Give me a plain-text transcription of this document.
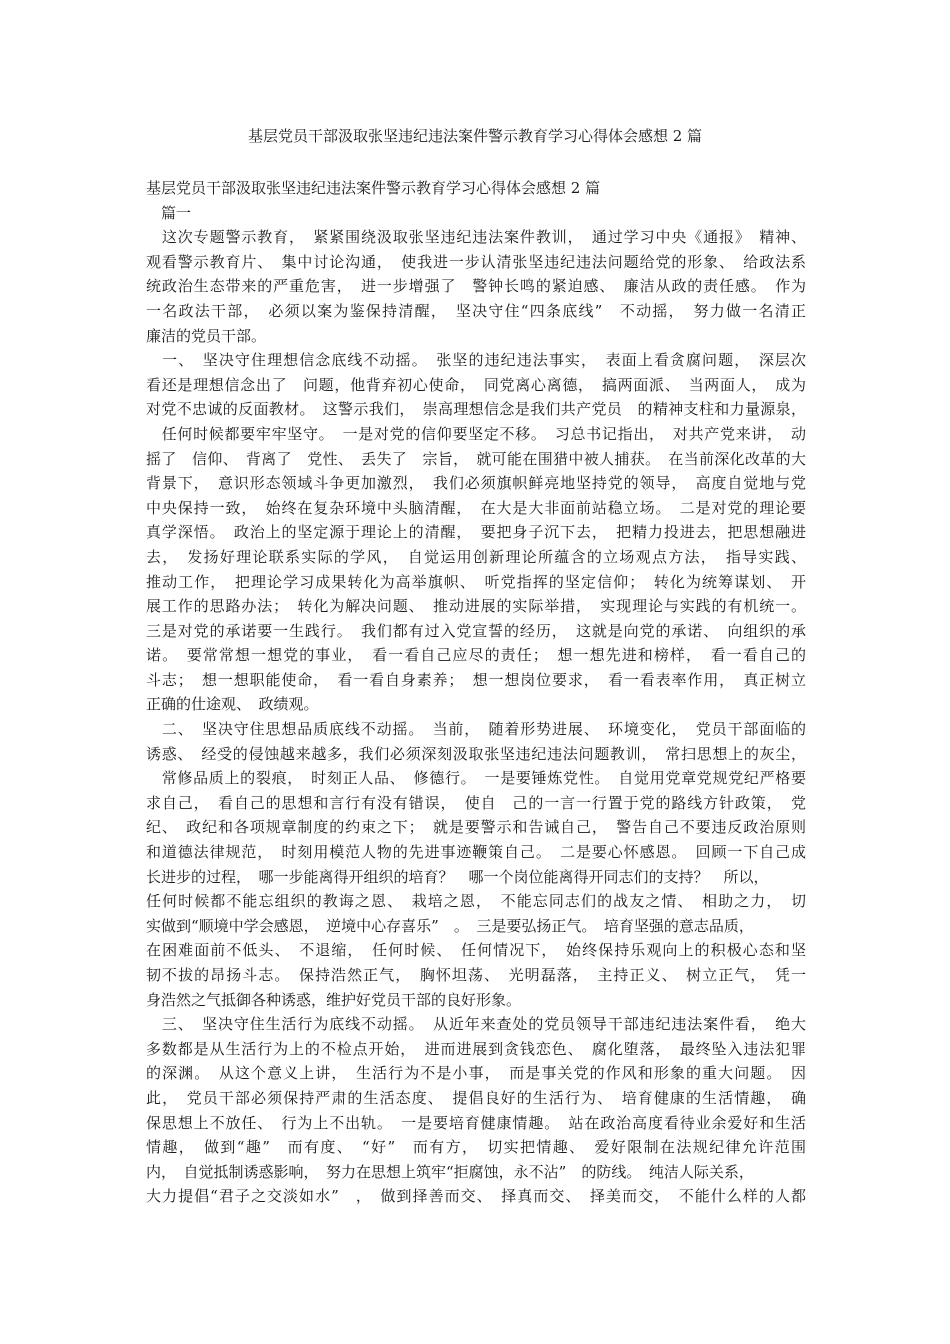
基层党员干部汲取张坚违纪违法案件警示教育学习心得体会感想 2 篇
基层党员干部汲取张坚违纪违法案件警示教育学习心得体会感想 2 篇
　篇一
　这次专题警示教育，　紧紧围绕汲取张坚违纪违法案件教训，　通过学习中央《通报》　精神、
观看警示教育片、　集中讨论沟通，　使我进一步认清张坚违纪违法问题给党的形象、　给政法系
统政治生态带来的严重危害，　进一步增强了　警钟长鸣的紧迫感、　廉洁从政的责任感。　作为
一名政法干部，　必须以案为鉴保持清醒，　坚决守住“四条底线”　不动摇，　努力做一名清正
廉洁的党员干部。
　一、　坚决守住理想信念底线不动摇。　张坚的违纪违法事实，　表面上看贪腐问题，　深层次
看还是理想信念出了　问题，他背弃初心使命，　同党离心离德，　搞两面派、　当两面人，　成为
对党不忠诚的反面教材。　这警示我们，　崇高理想信念是我们共产党员　的精神支柱和力量源泉，
　任何时候都要牢牢坚守。　一是对党的信仰要坚定不移。　习总书记指出，　对共产党来讲，　动
摇了　信仰、　背离了　党性、　丢失了　宗旨，　就可能在围猎中被人捕获。　在当前深化改革的大
背景下，　意识形态领域斗争更加激烈，　我们必须旗帜鲜亮地坚持党的领导，　高度自觉地与党
中央保持一致，　始终在复杂环境中头脑清醒，　在大是大非面前站稳立场。　二是对党的理论要
真学深悟。　政治上的坚定源于理论上的清醒，　要把身子沉下去，　把精力投进去，把思想融进
去，　发扬好理论联系实际的学风，　自觉运用创新理论所蕴含的立场观点方法，　指导实践、
推动工作，　把理论学习成果转化为高举旗帜、　听党指挥的坚定信仰；　转化为统筹谋划、　开
展工作的思路办法；　转化为解决问题、　推动进展的实际举措，　实现理论与实践的有机统一。
三是对党的承诺要一生践行。　我们都有过入党宣誓的经历，　这就是向党的承诺、　向组织的承
诺。　要常常想一想党的事业，　看一看自己应尽的责任；　想一想先进和榜样，　看一看自己的
斗志；　想一想职能使命，　看一看自身素养；　想一想岗位要求，　看一看表率作用，　真正树立
正确的仕途观、　政绩观。
　二、　坚决守住思想品质底线不动摇。　当前，　随着形势进展、　环境变化，　党员干部面临的
诱惑、　经受的侵蚀越来越多，我们必须深刻汲取张坚违纪违法问题教训，　常扫思想上的灰尘，
　常修品质上的裂痕，　时刻正人品、　修德行。　一是要锤炼党性。　自觉用党章党规党纪严格要
求自己，　看自己的思想和言行有没有错误，　使自　己的一言一行置于党的路线方针政策，　党
纪、　政纪和各项规章制度的约束之下；　就是要警示和告诫自己，　警告自己不要违反政治原则
和道德法律规范，　时刻用模范人物的先进事迹鞭策自己。　二是要心怀感恩。　回顾一下自己成
长进步的过程，　哪一步能离得开组织的培育？　哪一个岗位能离得开同志们的支持？　所以，
任何时候都不能忘组织的教诲之恩、　栽培之恩，　不能忘同志们的战友之情、　相助之力，　切
实做到“顺境中学会感恩，　逆境中心存喜乐”　。　三是要弘扬正气。　培育坚强的意志品质，
在困难面前不低头、　不退缩，　任何时候、　任何情况下，　始终保持乐观向上的积极心态和坚
韧不拔的昂扬斗志。　保持浩然正气，　胸怀坦荡、　光明磊落，　主持正义、　树立正气，　凭一
身浩然之气抵御各种诱惑，维护好党员干部的良好形象。
　三、　坚决守住生活行为底线不动摇。　从近年来查处的党员领导干部违纪违法案件看，　绝大
多数都是从生活行为上的不检点开始，　进而进展到贪钱恋色、　腐化堕落，　最终坠入违法犯罪
的深渊。　从这个意义上讲，　生活行为不是小事，　而是事关党的作风和形象的重大问题。　因
此，　党员干部必须保持严肃的生活态度、　提倡良好的生活行为、　培育健康的生活情趣，　确
保思想上不放任、　行为上不出轨。　一是要培育健康情趣。　站在政治高度看待业余爱好和生活
情趣，　做到“趣”　而有度、　“好”　而有方，　切实把情趣、　爱好限制在法规纪律允许范围
内，　自觉抵制诱惑影响，　努力在思想上筑牢“拒腐蚀，永不沾”　的防线。　纯洁人际关系，
大力提倡“君子之交淡如水”　，　做到择善而交、　择真而交、　择美而交，　不能什么样的人都
